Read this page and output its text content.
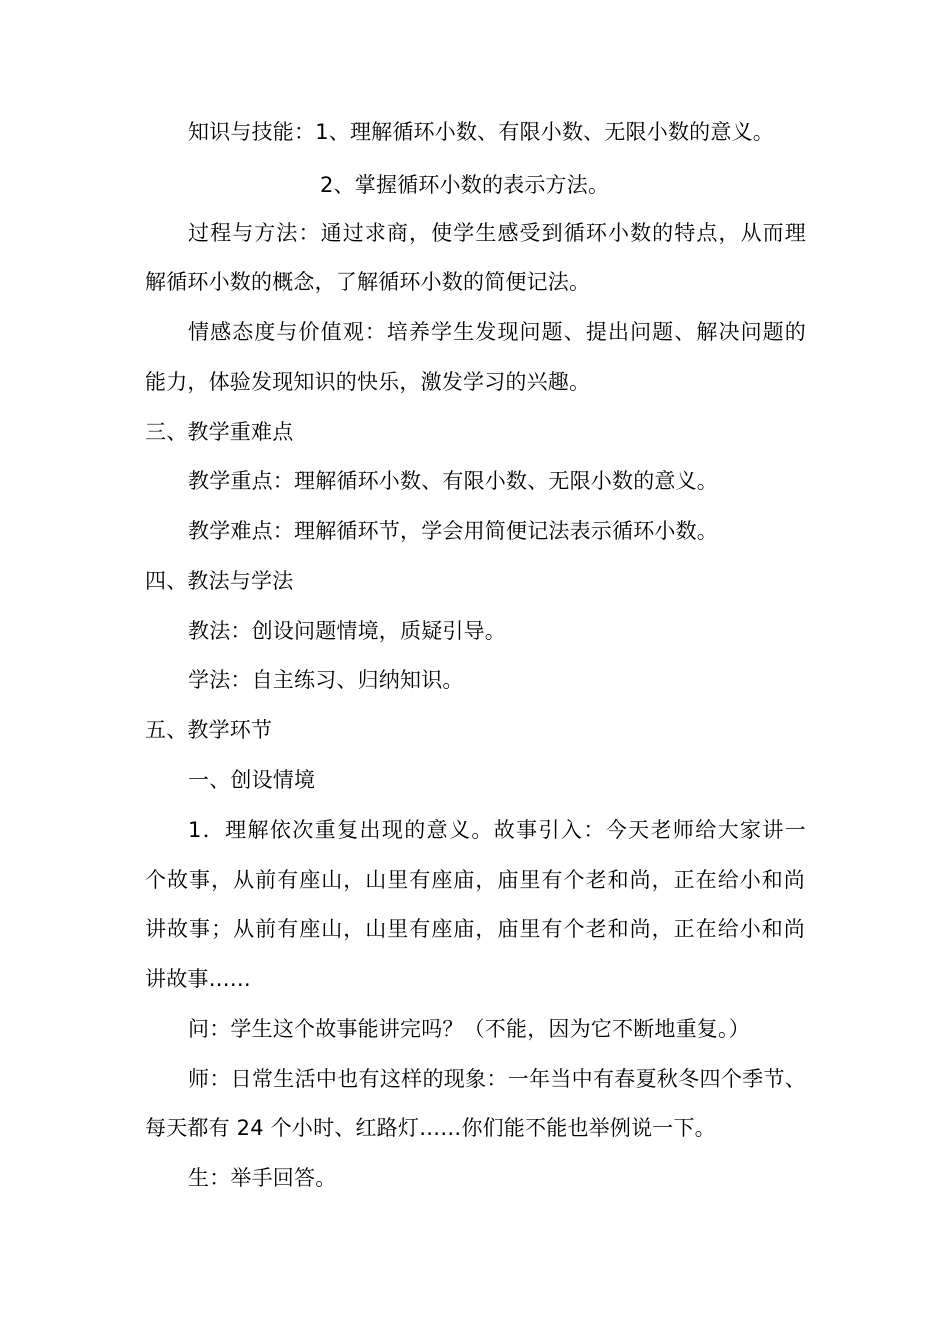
知识与技能：1、理解循环小数、有限小数、无限小数的意义。
2、掌握循环小数的表示方法。
过程与方法：通过求商，使学生感受到循环小数的特点，从而理
解循环小数的概念，了解循环小数的简便记法。
情感态度与价值观：培养学生发现问题、提出问题、解决问题的
能力，体验发现知识的快乐，激发学习的兴趣。
三、教学重难点
教学重点：理解循环小数、有限小数、无限小数的意义。
教学难点：理解循环节，学会用简便记法表示循环小数。
四、教法与学法
教法：创设问题情境，质疑引导。
学法：自主练习、归纳知识。
五、教学环节
一、创设情境
1．理解依次重复出现的意义。故事引入：今天老师给大家讲一
个故事，从前有座山，山里有座庙，庙里有个老和尚，正在给小和尚
讲故事；从前有座山，山里有座庙，庙里有个老和尚，正在给小和尚
讲故事……
问：学生这个故事能讲完吗？（不能，因为它不断地重复。）
师：日常生活中也有这样的现象：一年当中有春夏秋冬四个季节、
每天都有 24 个小时、红路灯……你们能不能也举例说一下。
生：举手回答。
